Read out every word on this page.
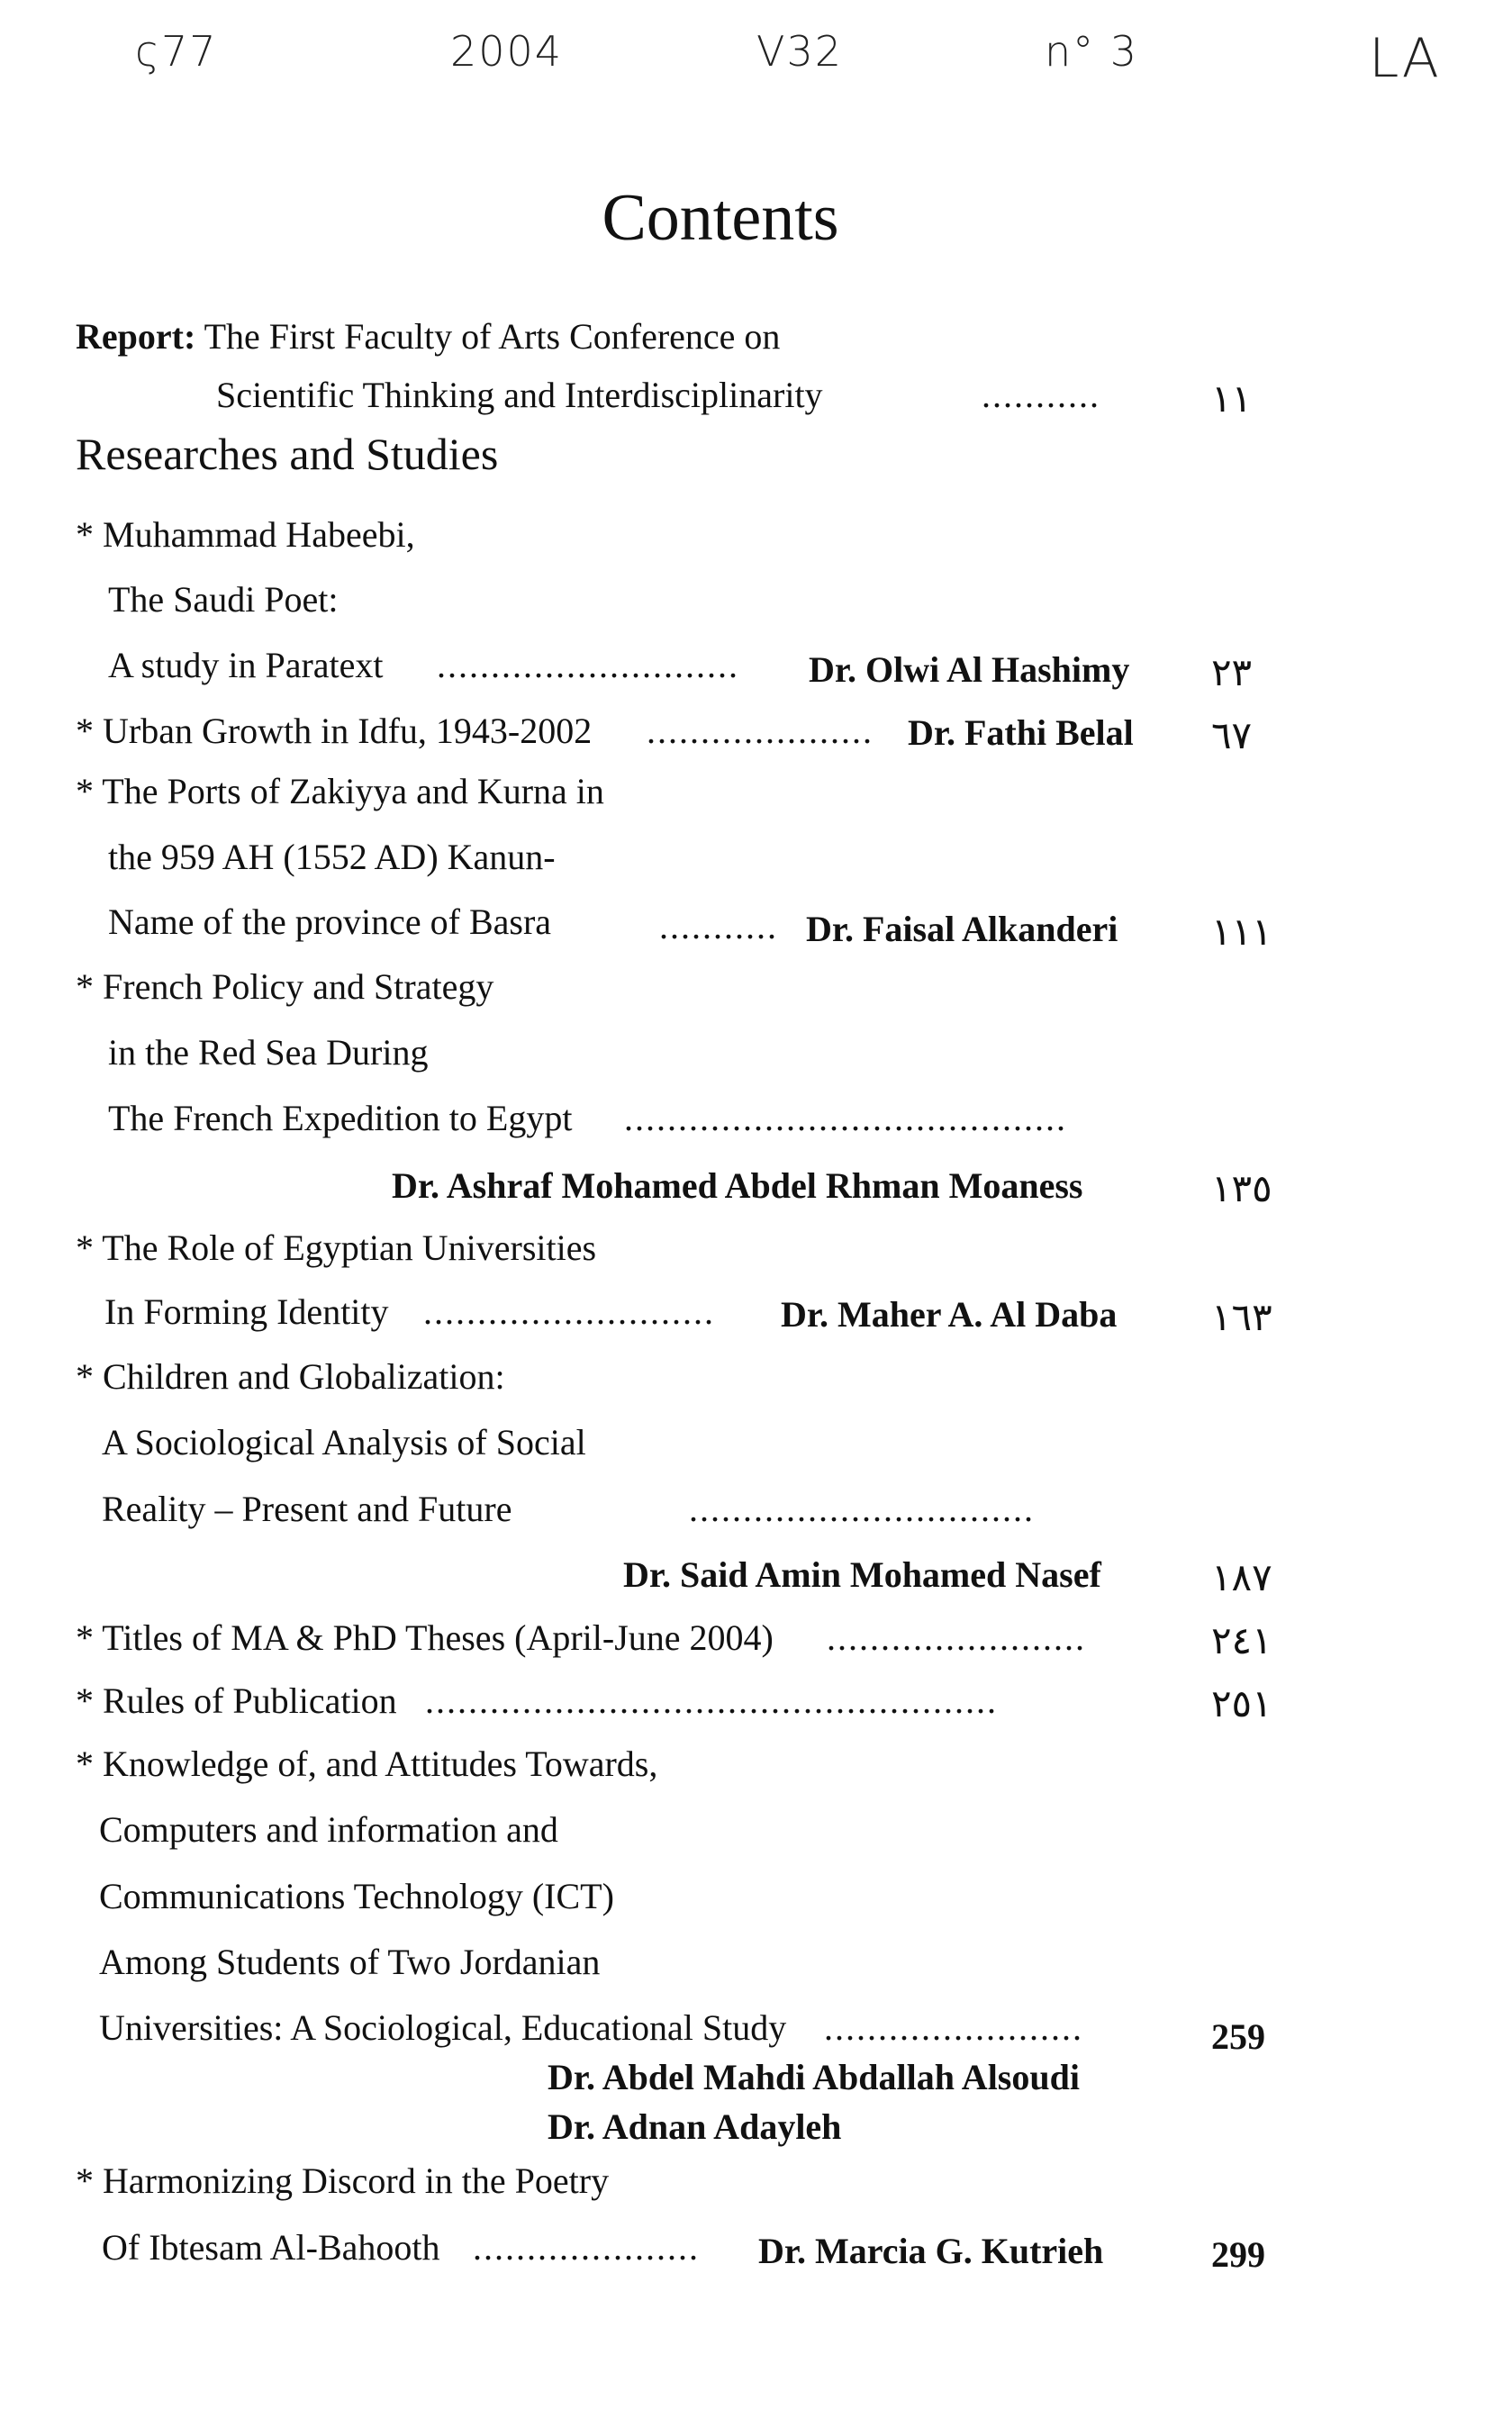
ς77	2004	V32	n° 3	LA
Contents
Report: The First Faculty of Arts Conference on
Scientific Thinking and Interdisciplinarity	...........	١١
Researches and Studies
* Muhammad Habeebi,
The Saudi Poet:
A study in Paratext ............................ Dr. Olwi Al Hashimy ٢٣
* Urban Growth in Idfu, 1943-2002 ..................... Dr. Fathi Belal ٦٧
* The Ports of Zakiyya and Kurna in
the 959 AH (1552 AD) Kanun-
Name of the province of Basra	........... Dr. Faisal Alkanderi ١١١
* French Policy and Strategy
in the Red Sea During
The French Expedition to Egypt .........................................
Dr. Ashraf Mohamed Abdel Rhman Moaness	١٣٥
* The Role of Egyptian Universities
In Forming Identity ........................... Dr. Maher A. Al Daba ١٦٣
* Children and Globalization:
A Sociological Analysis of Social
Reality – Present and Future	................................
Dr. Said Amin Mohamed Nasef	١٨٧
* Titles of MA & PhD Theses (April-June 2004) ........................	٢٤١
* Rules of Publication .....................................................	٢٥١
* Knowledge of, and Attitudes Towards,
Computers and information and
Communications Technology (ICT)
Among Students of Two Jordanian
Universities: A Sociological, Educational Study ........................	259
Dr. Abdel Mahdi Abdallah Alsoudi
Dr. Adnan Adayleh
* Harmonizing Discord in the Poetry
Of Ibtesam Al-Bahooth ..................... Dr. Marcia G. Kutrieh	299
